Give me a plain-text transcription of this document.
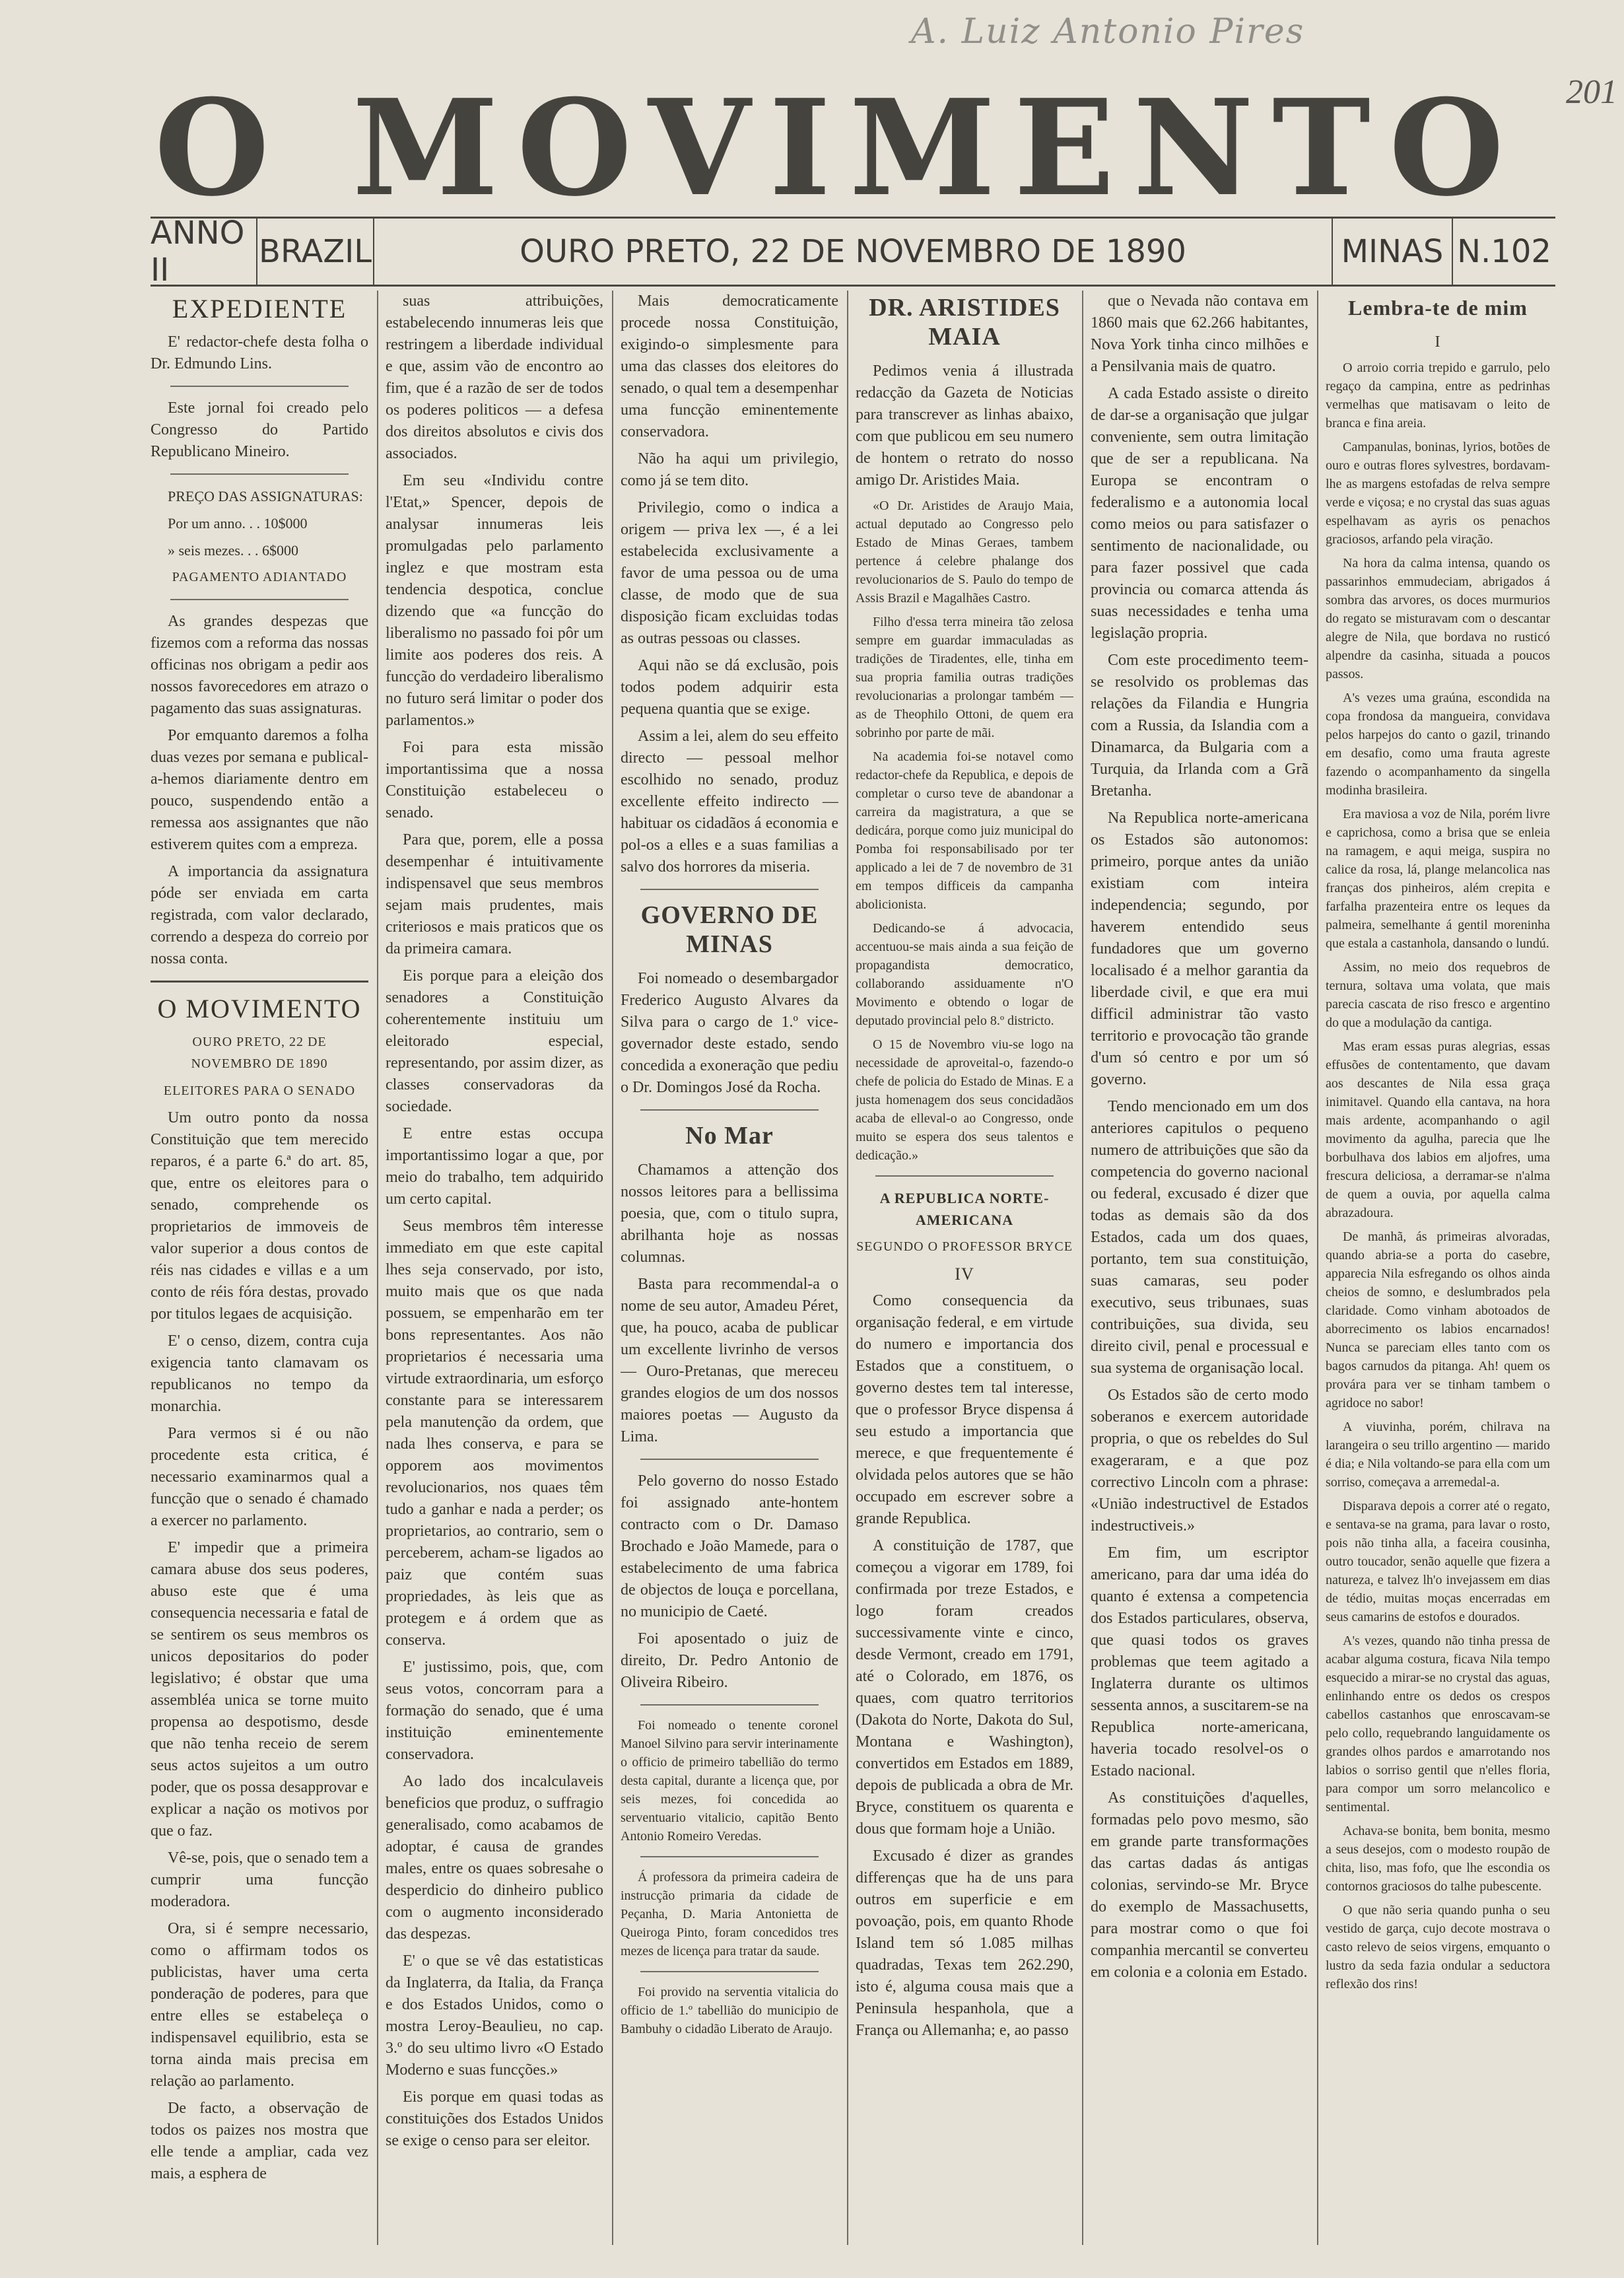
A. Luiz Antonio Pires
201
O MOVIMENTO
ANNO II	BRAZIL	OURO PRETO, 22 DE NOVEMBRO DE 1890	MINAS N.102
EXPEDIENTE

E' redactor-chefe desta folha o Dr. Edmundo Lins.

Este jornal foi creado pelo Congresso do Partido Republicano Mineiro.

PREÇO DAS ASSIGNATURAS:

Por um anno. . . 10$000

» seis mezes. . . 6$000

PAGAMENTO ADIANTADO

As grandes despezas que fizemos com a reforma das nossas officinas nos obrigam a pedir aos nossos favorecedores em atrazo o pagamento das suas assignaturas.

Por emquanto daremos a folha duas vezes por semana e publical-a-hemos diariamente dentro em pouco, suspendendo então a remessa aos assignantes que não estiverem quites com a empreza.

A importancia da assignatura póde ser enviada em carta registrada, com valor declarado, correndo a despeza do correio por nossa conta.

O MOVIMENTO
OURO PRETO, 22 DE NOVEMBRO DE 1890
ELEITORES PARA O SENADO

Um outro ponto da nossa Constituição que tem merecido reparos, é a parte 6.ª do art. 85, que, entre os eleitores para o senado, comprehende os proprietarios de immoveis de valor superior a dous contos de réis nas cidades e villas e a um conto de réis fóra destas, provado por titulos legaes de acquisição.

E' o censo, dizem, contra cuja exigencia tanto clamavam os republicanos no tempo da monarchia.

Para vermos si é ou não procedente esta critica, é necessario examinarmos qual a funcção que o senado é chamado a exercer no parlamento.

E' impedir que a primeira camara abuse dos seus poderes, abuso este que é uma consequencia necessaria e fatal de se sentirem os seus membros os unicos depositarios do poder legislativo; é obstar que uma assembléa unica se torne muito propensa ao despotismo, desde que não tenha receio de serem seus actos sujeitos a um outro poder, que os possa desapprovar e explicar a nação os motivos por que o faz.

Vê-se, pois, que o senado tem a cumprir uma funcção moderadora.

Ora, si é sempre necessario, como o affirmam todos os publicistas, haver uma certa ponderação de poderes, para que entre elles se estabeleça o indispensavel equilibrio, esta se torna ainda mais precisa em relação ao parlamento.

De facto, a observação de todos os paizes nos mostra que elle tende a ampliar, cada vez mais, a esphera de

suas attribuições, estabelecendo innumeras leis que restringem a liberdade individual e que, assim vão de encontro ao fim, que é a razão de ser de todos os poderes politicos — a defesa dos direitos absolutos e civis dos associados.

Em seu «Individu contre l'Etat,» Spencer, depois de analysar innumeras leis promulgadas pelo parlamento inglez e que mostram esta tendencia despotica, conclue dizendo que «a funcção do liberalismo no passado foi pôr um limite aos poderes dos reis. A funcção do verdadeiro liberalismo no futuro será limitar o poder dos parlamentos.»

Foi para esta missão importantissima que a nossa Constituição estabeleceu o senado.

Para que, porem, elle a possa desempenhar é intuitivamente indispensavel que seus membros sejam mais prudentes, mais criteriosos e mais praticos que os da primeira camara.

Eis porque para a eleição dos senadores a Constituição coherentemente instituiu um eleitorado especial, representando, por assim dizer, as classes conservadoras da sociedade.

E entre estas occupa importantissimo logar a que, por meio do trabalho, tem adquirido um certo capital.

Seus membros têm interesse immediato em que este capital lhes seja conservado, por isto, muito mais que os que nada possuem, se empenharão em ter bons representantes. Aos não proprietarios é necessaria uma virtude extraordinaria, um esforço constante para se interessarem pela manutenção da ordem, que nada lhes conserva, e para se opporem aos movimentos revolucionarios, nos quaes têm tudo a ganhar e nada a perder; os proprietarios, ao contrario, sem o perceberem, acham-se ligados ao paiz que contém suas propriedades, às leis que as protegem e á ordem que as conserva.

E' justissimo, pois, que, com seus votos, concorram para a formação do senado, que é uma instituição eminentemente conservadora.

Ao lado dos incalculaveis beneficios que produz, o suffragio generalisado, como acabamos de adoptar, é causa de grandes males, entre os quaes sobresahe o desperdicio do dinheiro publico com o augmento inconsiderado das despezas.

E' o que se vê das estatisticas da Inglaterra, da Italia, da França e dos Estados Unidos, como o mostra Leroy-Beaulieu, no cap. 3.º do seu ultimo livro «O Estado Moderno e suas funcções.»

Eis porque em quasi todas as constituições dos Estados Unidos se exige o censo para ser eleitor.

Mais democraticamente procede nossa Constituição, exigindo-o simplesmente para uma das classes dos eleitores do senado, o qual tem a desempenhar uma funcção eminentemente conservadora.

Não ha aqui um privilegio, como já se tem dito.

Privilegio, como o indica a origem — priva lex —, é a lei estabelecida exclusivamente a favor de uma pessoa ou de uma classe, de modo que de sua disposição ficam excluidas todas as outras pessoas ou classes.

Aqui não se dá exclusão, pois todos podem adquirir esta pequena quantia que se exige.

Assim a lei, alem do seu effeito directo — pessoal melhor escolhido no senado, produz excellente effeito indirecto — habituar os cidadãos á economia e pol-os a elles e a suas familias a salvo dos horrores da miseria.

GOVERNO DE MINAS

Foi nomeado o desembargador Frederico Augusto Alvares da Silva para o cargo de 1.º vice-governador deste estado, sendo concedida a exoneração que pediu o Dr. Domingos José da Rocha.

No Mar

Chamamos a attenção dos nossos leitores para a bellissima poesia, que, com o titulo supra, abrilhanta hoje as nossas columnas.

Basta para recommendal-a o nome de seu autor, Amadeu Péret, que, ha pouco, acaba de publicar um excellente livrinho de versos — Ouro-Pretanas, que mereceu grandes elogios de um dos nossos maiores poetas — Augusto da Lima.

Pelo governo do nosso Estado foi assignado ante-hontem contracto com o Dr. Damaso Brochado e João Mamede, para o estabelecimento de uma fabrica de objectos de louça e porcellana, no municipio de Caeté.

Foi aposentado o juiz de direito, Dr. Pedro Antonio de Oliveira Ribeiro.

Foi nomeado o tenente coronel Manoel Silvino para servir interinamente o officio de primeiro tabellião do termo desta capital, durante a licença que, por seis mezes, foi concedida ao serventuario vitalicio, capitão Bento Antonio Romeiro Veredas.

Á professora da primeira cadeira de instrucção primaria da cidade de Peçanha, D. Maria Antonietta de Queiroga Pinto, foram concedidos tres mezes de licença para tratar da saude.

Foi provido na serventia vitalicia do officio de 1.º tabellião do municipio de Bambuhy o cidadão Liberato de Araujo.

DR. ARISTIDES MAIA

Pedimos venia á illustrada redacção da Gazeta de Noticias para transcrever as linhas abaixo, com que publicou em seu numero de hontem o retrato do nosso amigo Dr. Aristides Maia.

«O Dr. Aristides de Araujo Maia, actual deputado ao Congresso pelo Estado de Minas Geraes, tambem pertence á celebre phalange dos revolucionarios de S. Paulo do tempo de Assis Brazil e Magalhães Castro.

Filho d'essa terra mineira tão zelosa sempre em guardar immaculadas as tradições de Tiradentes, elle, tinha em sua propria familia outras tradições revolucionarias a prolongar também — as de Theophilo Ottoni, de quem era sobrinho por parte de mãi.

Na academia foi-se notavel como redactor-chefe da Republica, e depois de completar o curso teve de abandonar a carreira da magistratura, a que se dedicára, porque como juiz municipal do Pomba foi responsabilisado por ter applicado a lei de 7 de novembro de 31 em tempos difficeis da campanha abolicionista.

Dedicando-se á advocacia, accentuou-se mais ainda a sua feição de propagandista democratico, collaborando assiduamente n'O Movimento e obtendo o logar de deputado provincial pelo 8.º districto.

O 15 de Novembro viu-se logo na necessidade de aproveital-o, fazendo-o chefe de policia do Estado de Minas. E a justa homenagem dos seus concidadãos acaba de elleval-o ao Congresso, onde muito se espera dos seus talentos e dedicação.»

A REPUBLICA NORTE-AMERICANA
SEGUNDO O PROFESSOR BRYCE
IV

Como consequencia da organisação federal, e em virtude do numero e importancia dos Estados que a constituem, o governo destes tem tal interesse, que o professor Bryce dispensa á seu estudo a importancia que merece, e que frequentemente é olvidada pelos autores que se hão occupado em escrever sobre a grande Republica.

A constituição de 1787, que começou a vigorar em 1789, foi confirmada por treze Estados, e logo foram creados successivamente vinte e cinco, desde Vermont, creado em 1791, até o Colorado, em 1876, os quaes, com quatro territorios (Dakota do Norte, Dakota do Sul, Montana e Washington), convertidos em Estados em 1889, depois de publicada a obra de Mr. Bryce, constituem os quarenta e dous que formam hoje a União.

Excusado é dizer as grandes differenças que ha de uns para outros em superficie e em povoação, pois, em quanto Rhode Island tem só 1.085 milhas quadradas, Texas tem 262.290, isto é, alguma cousa mais que a Peninsula hespanhola, que a França ou Allemanha; e, ao passo

que o Nevada não contava em 1860 mais que 62.266 habitantes, Nova York tinha cinco milhões e a Pensilvania mais de quatro.

A cada Estado assiste o direito de dar-se a organisação que julgar conveniente, sem outra limitação que de ser a republicana. Na Europa se encontram o federalismo e a autonomia local como meios ou para satisfazer o sentimento de nacionalidade, ou para fazer possivel que cada provincia ou comarca attenda ás suas necessidades e tenha uma legislação propria.

Com este procedimento teem-se resolvido os problemas das relações da Filandia e Hungria com a Russia, da Islandia com a Dinamarca, da Bulgaria com a Turquia, da Irlanda com a Grã Bretanha.

Na Republica norte-americana os Estados são autonomos: primeiro, porque antes da união existiam com inteira independencia; segundo, por haverem entendido seus fundadores que um governo localisado é a melhor garantia da liberdade civil, e que era mui difficil administrar tão vasto territorio e provocação tão grande d'um só centro e por um só governo.

Tendo mencionado em um dos anteriores capitulos o pequeno numero de attribuições que são da competencia do governo nacional ou federal, excusado é dizer que todas as demais são da dos Estados, cada um dos quaes, portanto, tem sua constituição, suas camaras, seu poder executivo, seus tribunaes, suas contribuições, sua divida, seu direito civil, penal e processual e sua systema de organisação local.

Os Estados são de certo modo soberanos e exercem autoridade propria, o que os rebeldes do Sul exageraram, e a que poz correctivo Lincoln com a phrase: «União indestructivel de Estados indestructiveis.»

Em fim, um escriptor americano, para dar uma idéa do quanto é extensa a competencia dos Estados particulares, observa, que quasi todos os graves problemas que teem agitado a Inglaterra durante os ultimos sessenta annos, a suscitarem-se na Republica norte-americana, haveria tocado resolvel-os o Estado nacional.

As constituições d'aquelles, formadas pelo povo mesmo, são em grande parte transformações das cartas dadas ás antigas colonias, servindo-se Mr. Bryce do exemplo de Massachusetts, para mostrar como o que foi companhia mercantil se converteu em colonia e a colonia em Estado.

Lembra-te de mim
I

O arroio corria trepido e garrulo, pelo regaço da campina, entre as pedrinhas vermelhas que matisavam o leito de branca e fina areia.

Campanulas, boninas, lyrios, botões de ouro e outras flores sylvestres, bordavam-lhe as margens estofadas de relva sempre verde e viçosa; e no crystal das suas aguas espelhavam as ayris os penachos graciosos, arfando pela viração.

Na hora da calma intensa, quando os passarinhos emmudeciam, abrigados á sombra das arvores, os doces murmurios do regato se misturavam com o descantar alegre de Nila, que bordava no rusticó alpendre da casinha, situada a poucos passos.

A's vezes uma graúna, escondida na copa frondosa da mangueira, convidava pelos harpejos do canto o gazil, trinando em desafio, como uma frauta agreste fazendo o acompanhamento da singella modinha brasileira.

Era maviosa a voz de Nila, porém livre e caprichosa, como a brisa que se enleia na ramagem, e aqui meiga, suspira no calice da rosa, lá, plange melancolica nas franças dos pinheiros, além crepita e farfalha prazenteira entre os leques da palmeira, semelhante á gentil moreninha que estala a castanhola, dansando o lundú.

Assim, no meio dos requebros de ternura, soltava uma volata, que mais parecia cascata de riso fresco e argentino do que a modulação da cantiga.

Mas eram essas puras alegrias, essas effusões de contentamento, que davam aos descantes de Nila essa graça inimitavel. Quando ella cantava, na hora mais ardente, acompanhando o agil movimento da agulha, parecia que lhe borbulhava dos labios em aljofres, uma frescura deliciosa, a derramar-se n'alma de quem a ouvia, por aquella calma abrazadoura.

De manhã, ás primeiras alvoradas, quando abria-se a porta do casebre, apparecia Nila esfregando os olhos ainda cheios de somno, e deslumbrados pela claridade. Como vinham abotoados de aborrecimento os labios encarnados! Nunca se pareciam elles tanto com os bagos carnudos da pitanga. Ah! quem os provára para ver se tinham tambem o agridoce no sabor!

A viuvinha, porém, chilrava na larangeira o seu trillo argentino — marido é dia; e Nila voltando-se para ella com um sorriso, começava a arremedal-a.

Disparava depois a correr até o regato, e sentava-se na grama, para lavar o rosto, pois não tinha alla, a faceira cousinha, outro toucador, senão aquelle que fizera a natureza, e talvez lh'o invejassem em dias de tédio, muitas moças encerradas em seus camarins de estofos e dourados.

A's vezes, quando não tinha pressa de acabar alguma costura, ficava Nila tempo esquecido a mirar-se no crystal das aguas, enlinhando entre os dedos os crespos cabellos castanhos que enroscavam-se pelo collo, requebrando languidamente os grandes olhos pardos e amarrotando nos labios o sorriso gentil que n'elles floria, para compor um sorro melancolico e sentimental.

Achava-se bonita, bem bonita, mesmo a seus desejos, com o modesto roupão de chita, liso, mas fofo, que lhe escondia os contornos graciosos do talhe pubescente.

O que não seria quando punha o seu vestido de garça, cujo decote mostrava o casto relevo de seios virgens, emquanto o lustro da seda fazia ondular a seductora reflexão dos rins!
